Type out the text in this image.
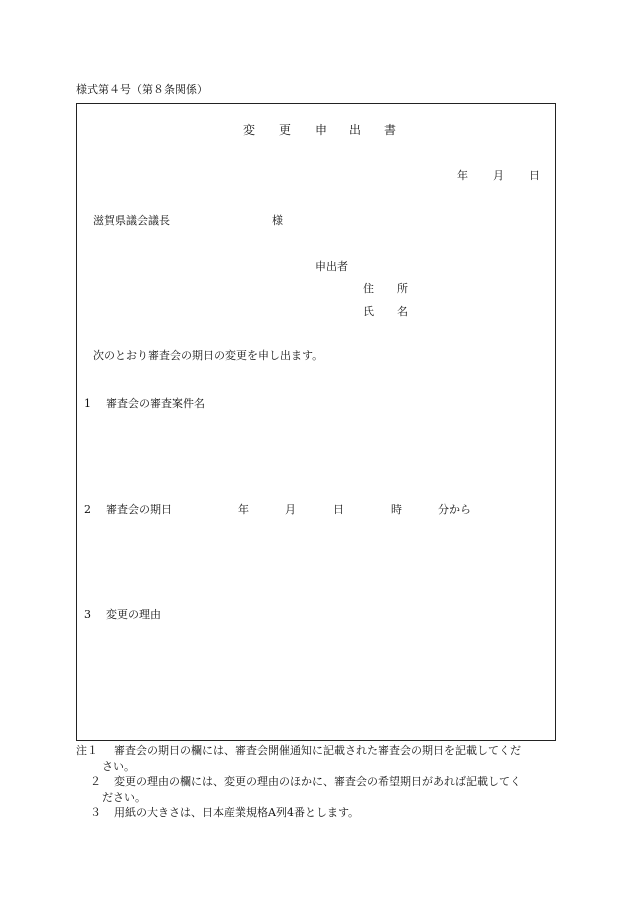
様式第４号（第８条関係）
変 更 申 出 書
年 月 日
滋賀県議会議長	様
申出者
住 所
氏 名
次のとおり審査会の期日の変更を申し出ます。
1 審査会の審査案件名
2 審査会の期日	年	月	日	時	分から
3 変更の理由
注１ 審査会の期日の欄には、審査会開催通知に記載された審査会の期日を記載してくだ
さい。
２ 変更の理由の欄には、変更の理由のほかに、審査会の希望期日があれば記載してく
ださい。
３ 用紙の大きさは、日本産業規格A列4番とします。
